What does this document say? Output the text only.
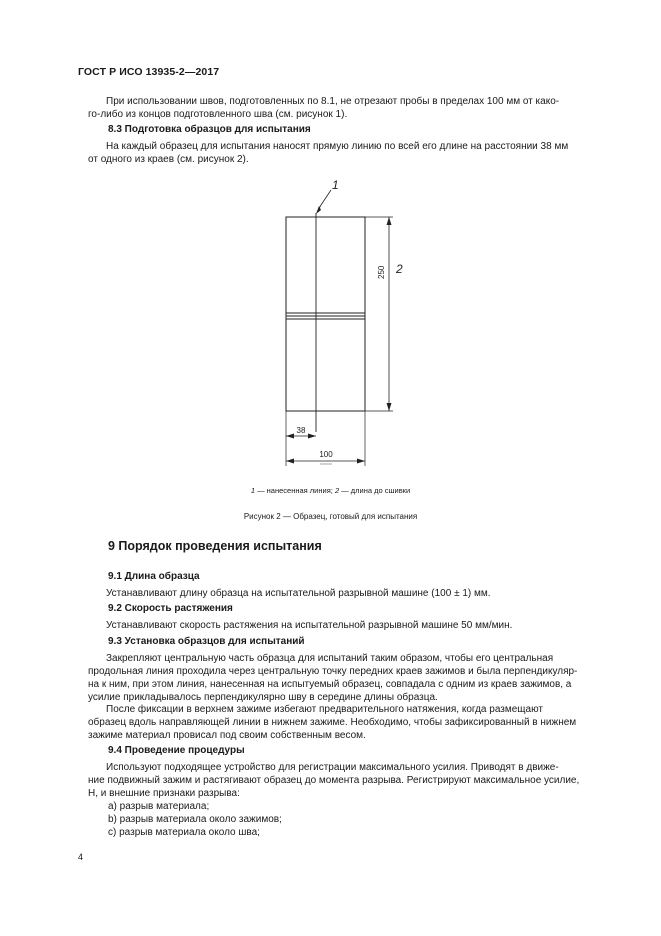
ГОСТ Р ИСО 13935-2—2017
При использовании швов, подготовленных по 8.1, не отрезают пробы в пределах 100 мм от како-
го-либо из концов подготовленного шва (см. рисунок 1).
8.3 Подготовка образцов для испытания
На каждый образец для испытания наносят прямую линию по всей его длине на расстоянии 38 мм
от одного из краев (см. рисунок 2).
1
2
250
38
100
1 — нанесенная линия; 2 — длина до сшивки
Рисунок 2 — Образец, готовый для испытания
9 Порядок проведения испытания
9.1 Длина образца
Устанавливают длину образца на испытательной разрывной машине (100 ± 1) мм.
9.2 Скорость растяжения
Устанавливают скорость растяжения на испытательной разрывной машине 50 мм/мин.
9.3 Установка образцов для испытаний
Закрепляют центральную часть образца для испытаний таким образом, чтобы его центральная
продольная линия проходила через центральную точку передних краев зажимов и была перпендикуляр-
на к ним, при этом линия, нанесенная на испытуемый образец, совпадала с одним из краев зажимов, а
усилие прикладывалось перпендикулярно шву в середине длины образца.
После фиксации в верхнем зажиме избегают предварительного натяжения, когда размещают
образец вдоль направляющей линии в нижнем зажиме. Необходимо, чтобы зафиксированный в нижнем
зажиме материал провисал под своим собственным весом.
9.4 Проведение процедуры
Используют подходящее устройство для регистрации максимального усилия. Приводят в движе-
ние подвижный зажим и растягивают образец до момента разрыва. Регистрируют максимальное усилие,
Н, и внешние признаки разрыва:
a) разрыв материала;
b) разрыв материала около зажимов;
c) разрыв материала около шва;
4
